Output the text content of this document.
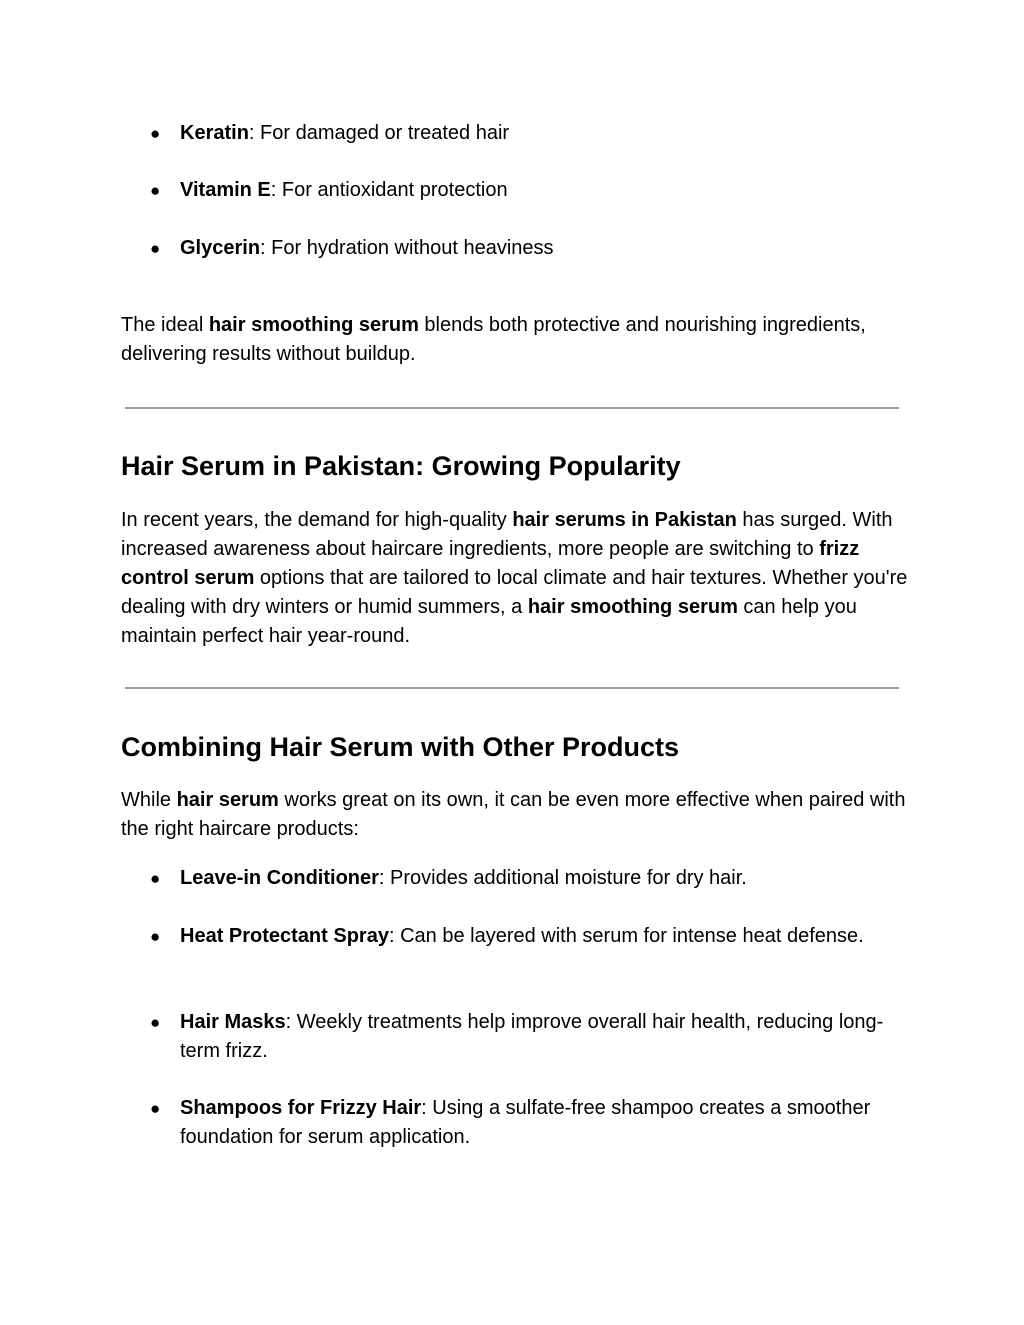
● Keratin: For damaged or treated hair
● Vitamin E: For antioxidant protection
● Glycerin: For hydration without heaviness

The ideal hair smoothing serum blends both protective and nourishing ingredients, delivering results without buildup.

Hair Serum in Pakistan: Growing Popularity

In recent years, the demand for high-quality hair serums in Pakistan has surged. With increased awareness about haircare ingredients, more people are switching to frizz control serum options that are tailored to local climate and hair textures. Whether you're dealing with dry winters or humid summers, a hair smoothing serum can help you maintain perfect hair year-round.

Combining Hair Serum with Other Products

While hair serum works great on its own, it can be even more effective when paired with the right haircare products:

● Leave-in Conditioner: Provides additional moisture for dry hair.
● Heat Protectant Spray: Can be layered with serum for intense heat defense.
● Hair Masks: Weekly treatments help improve overall hair health, reducing long-term frizz.
● Shampoos for Frizzy Hair: Using a sulfate-free shampoo creates a smoother foundation for serum application.
